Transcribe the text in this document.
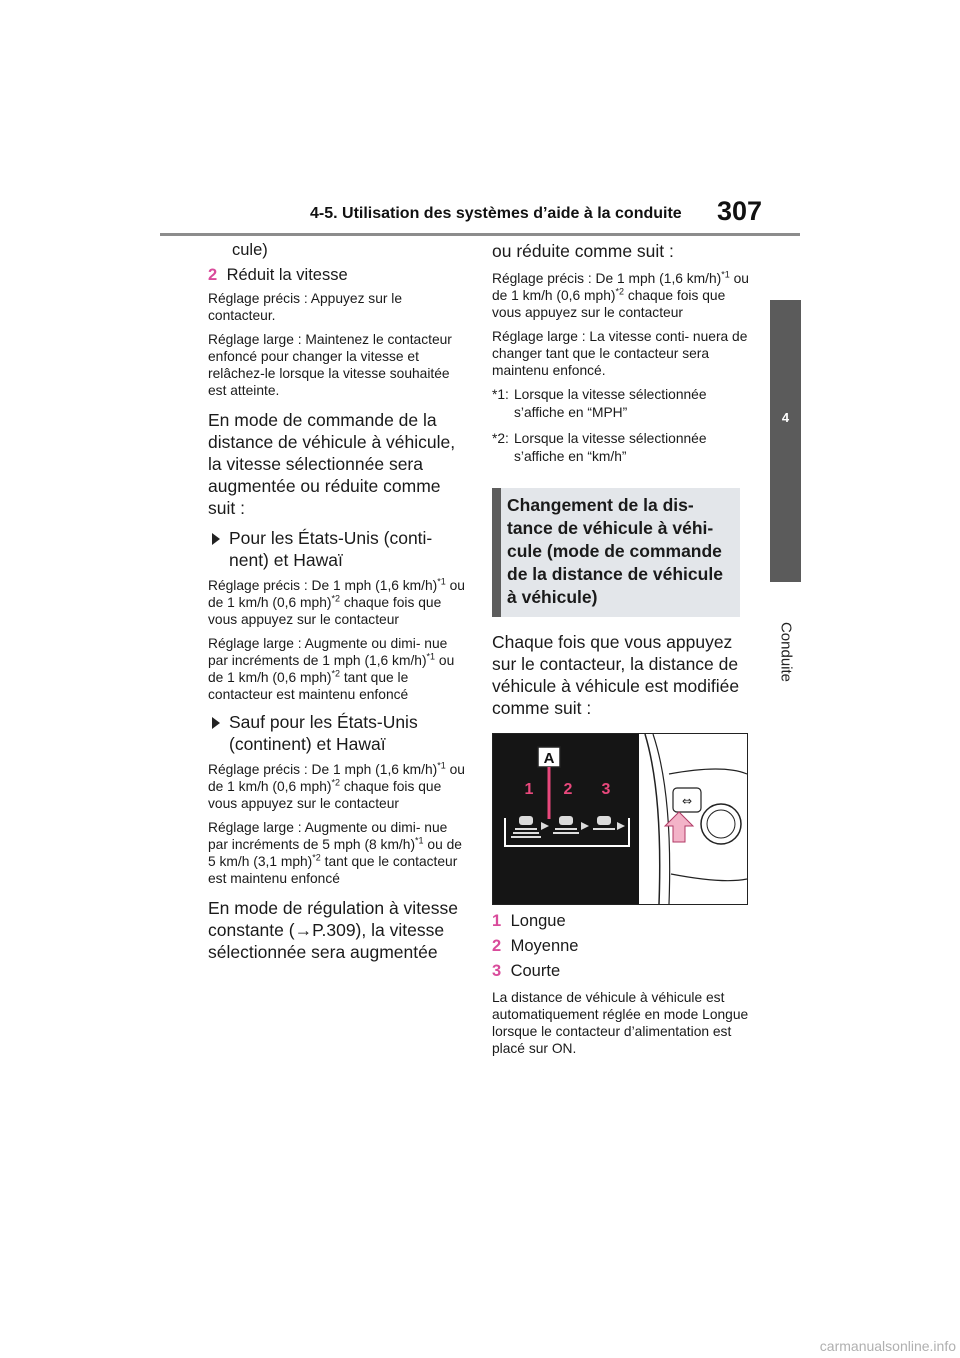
4-5. Utilisation des systèmes d’aide à la conduite 307
4
Conduite

cule)

2 Réduit la vitesse

Réglage précis : Appuyez sur le contacteur.

Réglage large : Maintenez le contacteur enfoncé pour changer la vitesse et relâchez-le lorsque la vitesse souhaitée est atteinte.

En mode de commande de la distance de véhicule à véhicule, la vitesse sélectionnée sera augmentée ou réduite comme suit :

Pour les États-Unis (conti- nent) et Hawaï

Réglage précis : De 1 mph (1,6 km/h)$^{*1}$ ou de 1 km/h (0,6 mph)$^{*2}$ chaque fois que vous appuyez sur le contacteur

Réglage large : Augmente ou dimi- nue par incréments de 1 mph (1,6 km/h)$^{*1}$ ou de 1 km/h (0,6 mph)$^{*2}$ tant que le contacteur est maintenu enfoncé

Sauf pour les États-Unis (continent) et Hawaï

Réglage précis : De 1 mph (1,6 km/h)$^{*1}$ ou de 1 km/h (0,6 mph)$^{*2}$ chaque fois que vous appuyez sur le contacteur

Réglage large : Augmente ou dimi- nue par incréments de 5 mph (8 km/h)$^{*1}$ ou de 5 km/h (3,1 mph)$^{*2}$ tant que le contacteur est maintenu enfoncé

En mode de régulation à vitesse constante (→P.309), la vitesse sélectionnée sera augmentée

ou réduite comme suit :

Réglage précis : De 1 mph (1,6 km/h)$^{*1}$ ou de 1 km/h (0,6 mph)$^{*2}$ chaque fois que vous appuyez sur le contacteur

Réglage large : La vitesse conti- nuera de changer tant que le contacteur sera maintenu enfoncé.

*1: Lorsque la vitesse sélectionnée s’affiche en “MPH”
*2: Lorsque la vitesse sélectionnée s’affiche en “km/h”
Changement de la dis- tance de véhicule à véhi- cule (mode de commande de la distance de véhicule à véhicule)

Chaque fois que vous appuyez sur le contacteur, la distance de véhicule à véhicule est modifiée comme suit :

A
1 2 3
⇔

1 Longue

2 Moyenne

3 Courte

La distance de véhicule à véhicule est automatiquement réglée en mode Longue lorsque le contacteur d’alimentation est placé sur ON.

carmanualsonline.info
